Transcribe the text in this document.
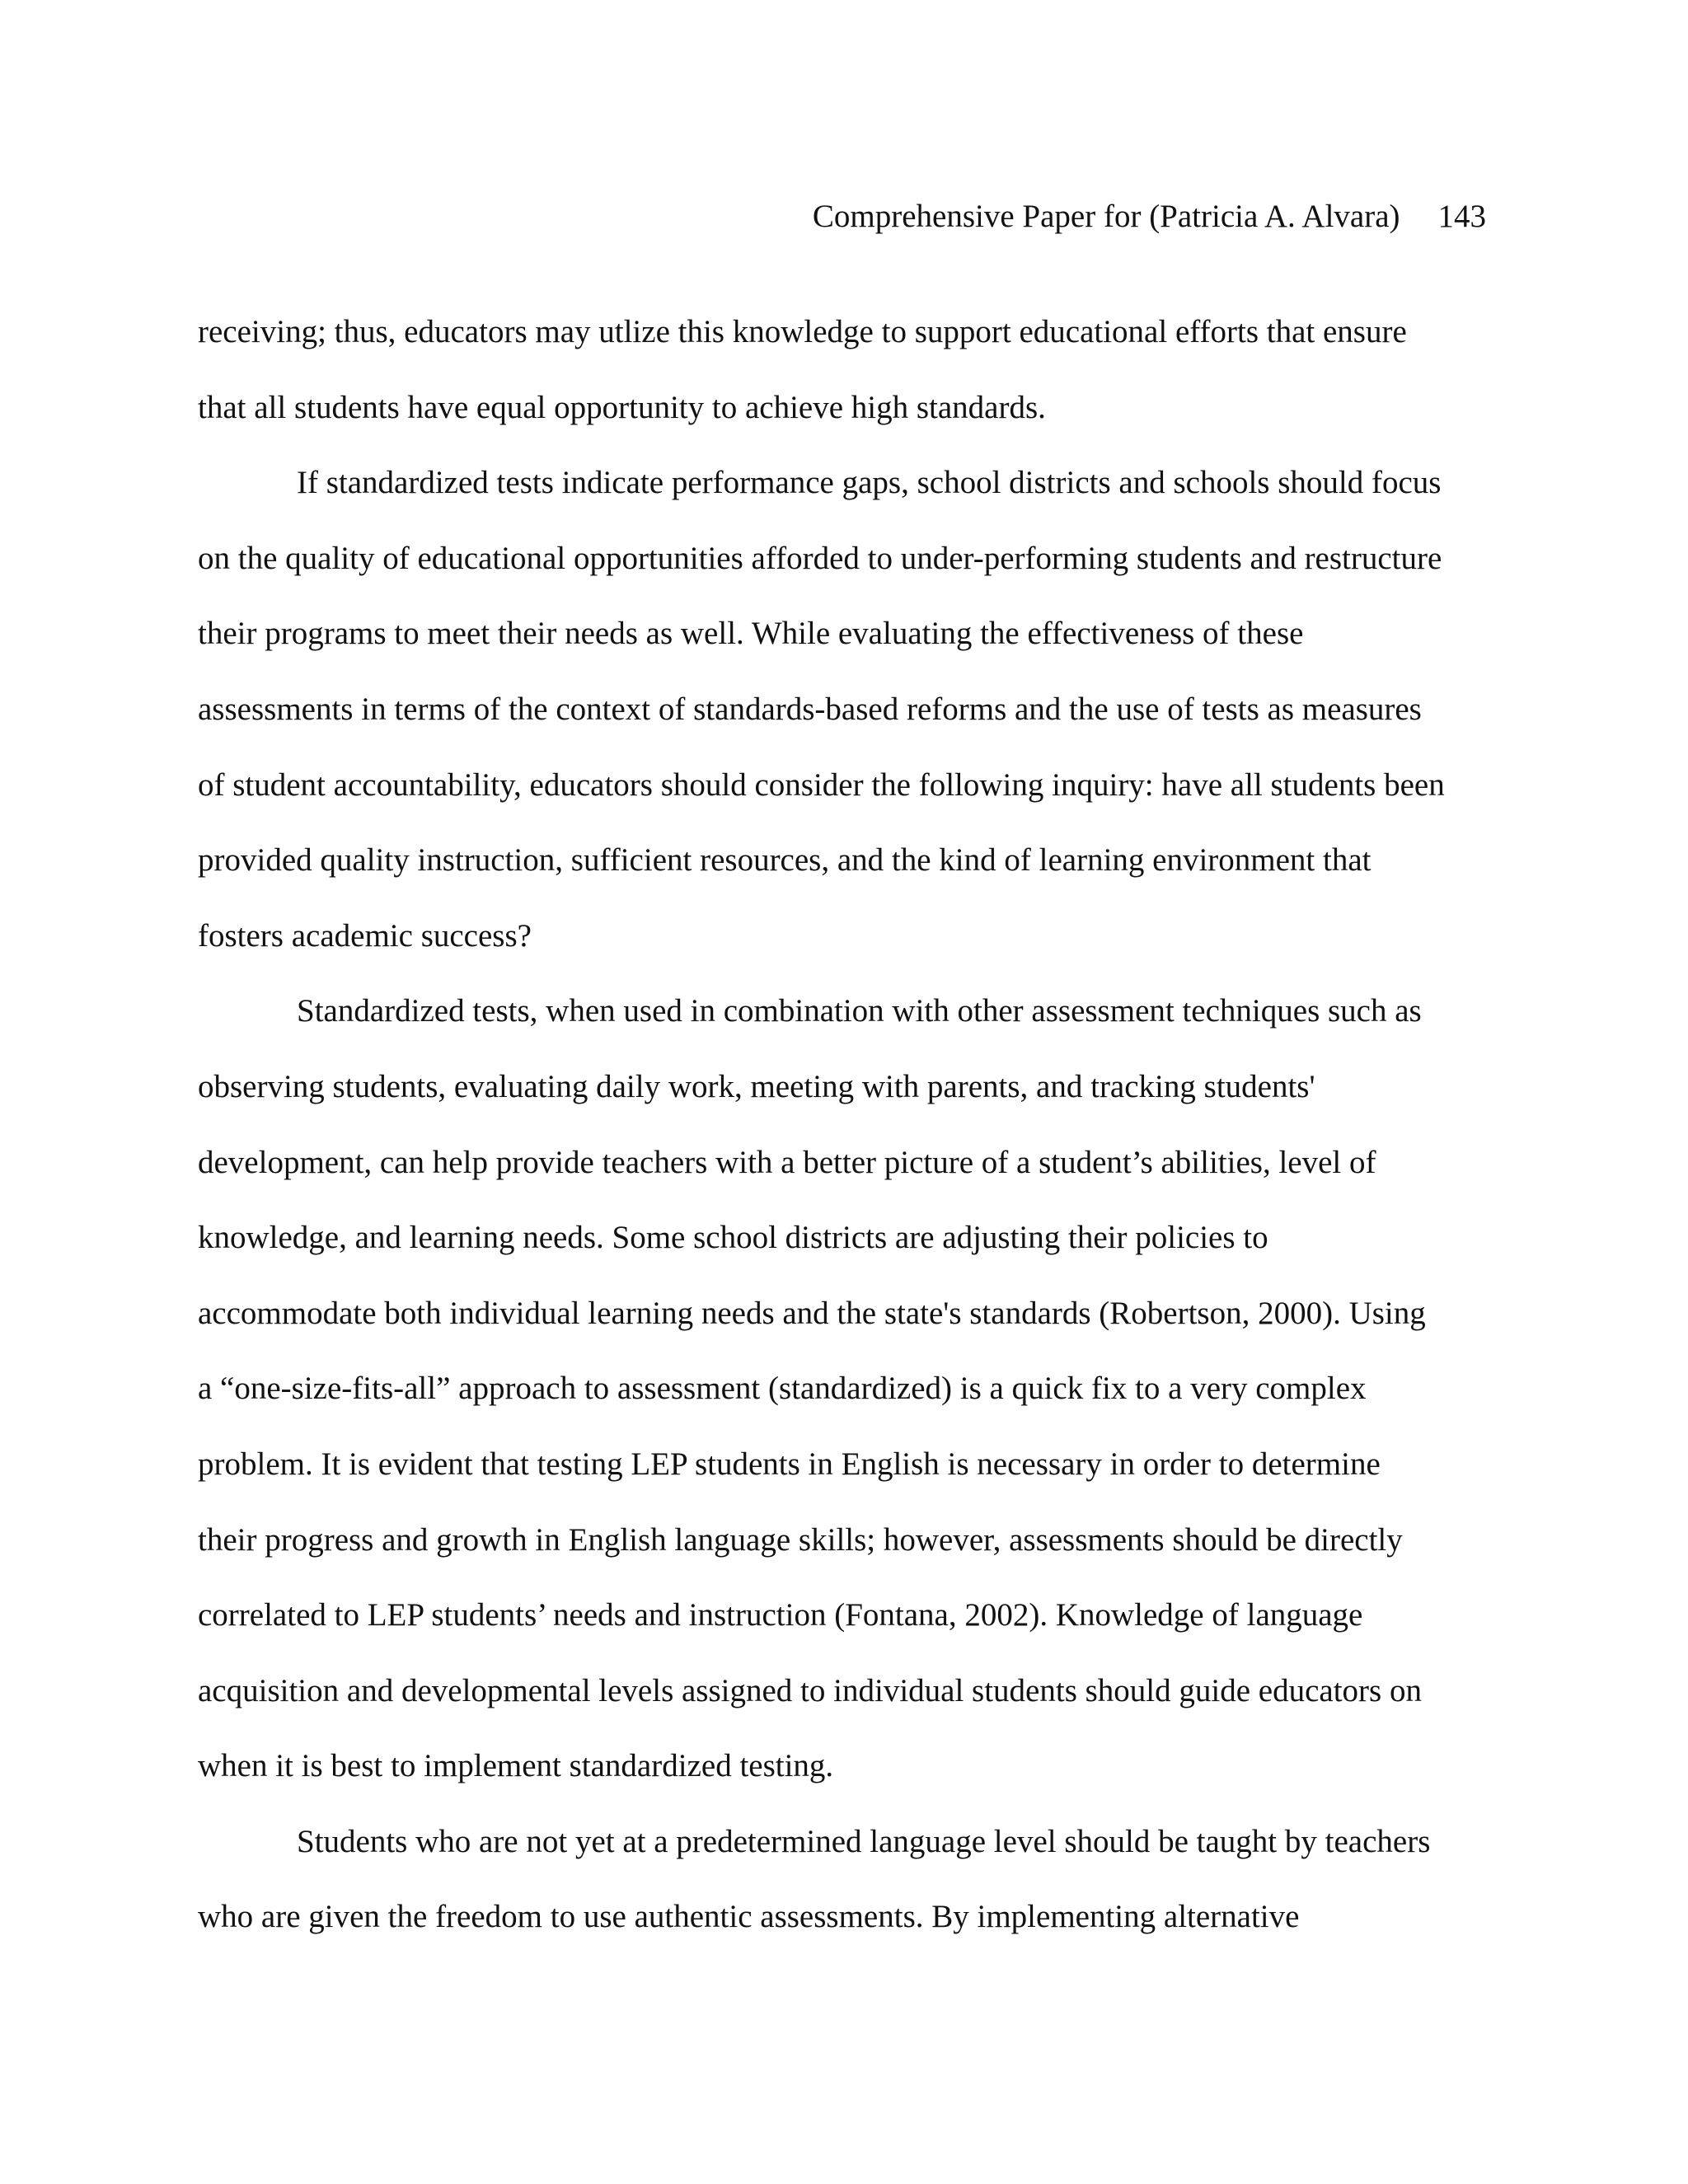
Comprehensive Paper for (Patricia A. Alvara) 143
receiving; thus, educators may utlize this knowledge to support educational efforts that ensure
that all students have equal opportunity to achieve high standards.
If standardized tests indicate performance gaps, school districts and schools should focus
on the quality of educational opportunities afforded to under-performing students and restructure
their programs to meet their needs as well. While evaluating the effectiveness of these
assessments in terms of the context of standards-based reforms and the use of tests as measures
of student accountability, educators should consider the following inquiry: have all students been
provided quality instruction, sufficient resources, and the kind of learning environment that
fosters academic success?
Standardized tests, when used in combination with other assessment techniques such as
observing students, evaluating daily work, meeting with parents, and tracking students'
development, can help provide teachers with a better picture of a student’s abilities, level of
knowledge, and learning needs. Some school districts are adjusting their policies to
accommodate both individual learning needs and the state's standards (Robertson, 2000). Using
a “one-size-fits-all” approach to assessment (standardized) is a quick fix to a very complex
problem. It is evident that testing LEP students in English is necessary in order to determine
their progress and growth in English language skills; however, assessments should be directly
correlated to LEP students’ needs and instruction (Fontana, 2002). Knowledge of language
acquisition and developmental levels assigned to individual students should guide educators on
when it is best to implement standardized testing.
Students who are not yet at a predetermined language level should be taught by teachers
who are given the freedom to use authentic assessments. By implementing alternative
